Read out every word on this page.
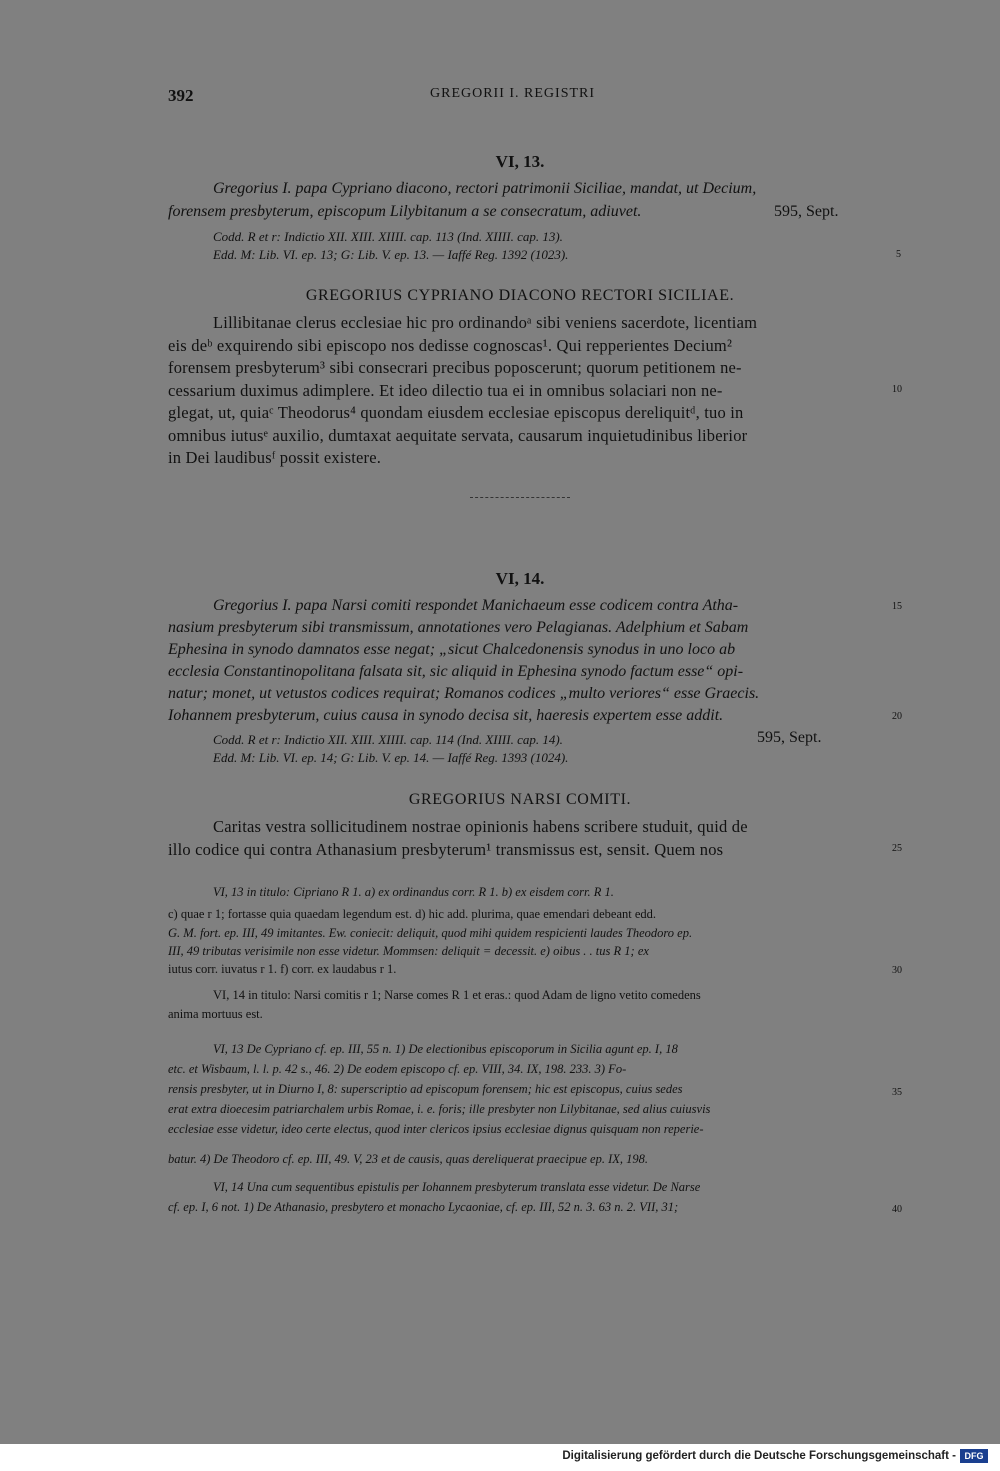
392	GREGORII I. REGISTRI
VI, 13.
Gregorius I. papa Cypriano diacono, rectori patrimonii Siciliae, mandat, ut Decium,
forensem presbyterum, episcopum Lilybitanum a se consecratum, adiuvet.	595, Sept.
Codd. R et r: Indictio XII. XIII. XIIII. cap. 113 (Ind. XIIII. cap. 13).
Edd. M: Lib. VI. ep. 13; G: Lib. V. ep. 13. — Iaffé Reg. 1392 (1023).
GREGORIUS CYPRIANO DIACONO RECTORI SICILIAE.
Lillibitanae clerus ecclesiae hic pro ordinandoᵃ sibi veniens sacerdote, licentiam
eis deᵇ exquirendo sibi episcopo nos dedisse cognoscas¹. Qui repperientes Decium²
forensem presbyterum³ sibi consecrari precibus poposcerunt; quorum petitionem ne-
cessarium duximus adimplere. Et ideo dilectio tua ei in omnibus solaciari non ne-
glegat, ut, quiaᶜ Theodorus⁴ quondam eiusdem ecclesiae episcopus dereliquitᵈ, tuo in
omnibus iutusᵉ auxilio, dumtaxat aequitate servata, causarum inquietudinibus liberior
in Dei laudibusᶠ possit existere.
VI, 14.
Gregorius I. papa Narsi comiti respondet Manichaeum esse codicem contra Atha-
nasium presbyterum sibi transmissum, annotationes vero Pelagianas. Adelphium et Sabam
Ephesina in synodo damnatos esse negat; „sicut Chalcedonensis synodus in uno loco ab
ecclesia Constantinopolitana falsata sit, sic aliquid in Ephesina synodo factum esse“ opi-
natur; monet, ut vetustos codices requirat; Romanos codices „multo veriores“ esse Graecis.
Iohannem presbyterum, cuius causa in synodo decisa sit, haeresis expertem esse addit.
Codd. R et r: Indictio XII. XIII. XIIII. cap. 114 (Ind. XIIII. cap. 14).	595, Sept.
Edd. M: Lib. VI. ep. 14; G: Lib. V. ep. 14. — Iaffé Reg. 1393 (1024).
GREGORIUS NARSI COMITI.
Caritas vestra sollicitudinem nostrae opinionis habens scribere studuit, quid de
illo codice qui contra Athanasium presbyterum¹ transmissus est, sensit. Quem nos
VI, 13 in titulo: Cipriano R 1. a) ex ordinandus corr. R 1. b) ex eisdem corr. R 1.
c) quae r 1; fortasse quia quaedam legendum est. d) hic add. plurima, quae emendari debeant edd.
G. M. fort. ep. III, 49 imitantes. Ew. coniecit: deliquit, quod mihi quidem respicienti laudes Theodoro ep.
III, 49 tributas verisimile non esse videtur. Mommsen: deliquit = decessit. e) oibus . . tus R 1; ex
iutus corr. iuvatus r 1. f) corr. ex laudabus r 1.
VI, 14 in titulo: Narsi comitis r 1; Narse comes R 1 et eras.: quod Adam de ligno vetito comedens
anima mortuus est.
VI, 13 De Cypriano cf. ep. III, 55 n. 1) De electionibus episcoporum in Sicilia agunt ep. I, 18
etc. et Wisbaum, l. l. p. 42 s., 46. 2) De eodem episcopo cf. ep. VIII, 34. IX, 198. 233. 3) Fo-
rensis presbyter, ut in Diurno I, 8: superscriptio ad episcopum forensem; hic est episcopus, cuius sedes
erat extra dioecesim patriarchalem urbis Romae, i. e. foris; ille presbyter non Lilybitanae, sed alius cuiusvis
ecclesiae esse videtur, ideo certe electus, quod inter clericos ipsius ecclesiae dignus quisquam non reperie-
batur. 4) De Theodoro cf. ep. III, 49. V, 23 et de causis, quas dereliquerat praecipue ep. IX, 198.
VI, 14 Una cum sequentibus epistulis per Iohannem presbyterum translata esse videtur. De Narse
cf. ep. I, 6 not. 1) De Athanasio, presbytero et monacho Lycaoniae, cf. ep. III, 52 n. 3. 63 n. 2. VII, 31;
5
10
15
20
25
30
35
40
Digitalisierung gefördert durch die Deutsche Forschungsgemeinschaft - DFG
